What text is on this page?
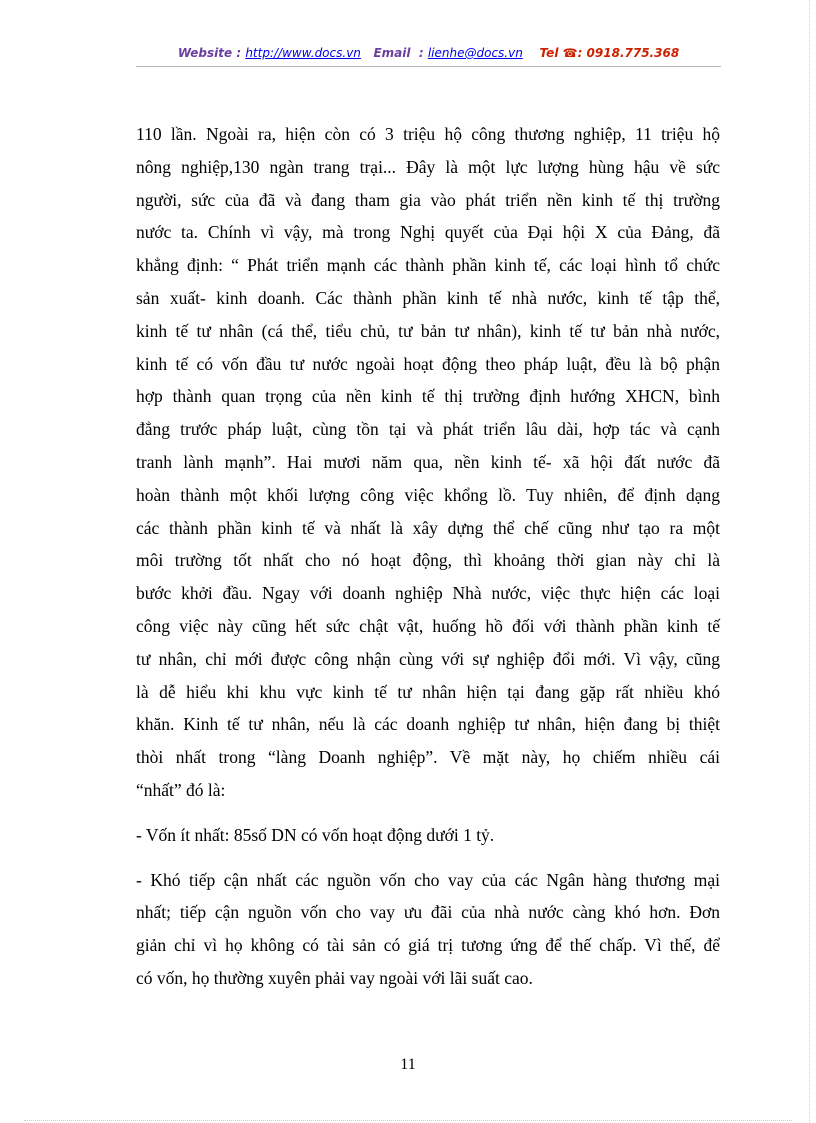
Website : http://www.docs.vn Email : lienhe@docs.vn Tel ☎: 0918.775.368
110 lần. Ngoài ra, hiện còn có 3 triệu hộ công thương nghiệp, 11 triệu hộ
nông nghiệp,130 ngàn trang trại... Đây là một lực lượng hùng hậu về sức
người, sức của đã và đang tham gia vào phát triển nền kinh tế thị trường
nước ta. Chính vì vậy, mà trong Nghị quyết của Đại hội X của Đảng, đã
khẳng định: “ Phát triển mạnh các thành phần kinh tế, các loại hình tổ chức
sản xuất- kinh doanh. Các thành phần kinh tế nhà nước, kinh tế tập thể,
kinh tế tư nhân (cá thể, tiểu chủ, tư bản tư nhân), kinh tế tư bản nhà nước,
kinh tế có vốn đầu tư nước ngoài hoạt động theo pháp luật, đều là bộ phận
hợp thành quan trọng của nền kinh tế thị trường định hướng XHCN, bình
đẳng trước pháp luật, cùng tồn tại và phát triển lâu dài, hợp tác và cạnh
tranh lành mạnh”. Hai mươi năm qua, nền kinh tế- xã hội đất nước đã
hoàn thành một khối lượng công việc khổng lồ. Tuy nhiên, để định dạng
các thành phần kinh tế và nhất là xây dựng thể chế cũng như tạo ra một
môi trường tốt nhất cho nó hoạt động, thì khoảng thời gian này chỉ là
bước khởi đầu. Ngay với doanh nghiệp Nhà nước, việc thực hiện các loại
công việc này cũng hết sức chật vật, huống hồ đối với thành phần kinh tế
tư nhân, chỉ mới được công nhận cùng với sự nghiệp đổi mới. Vì vậy, cũng
là dễ hiểu khi khu vực kinh tế tư nhân hiện tại đang gặp rất nhiều khó
khăn. Kinh tế tư nhân, nếu là các doanh nghiệp tư nhân, hiện đang bị thiệt
thòi nhất trong “làng Doanh nghiệp”. Về mặt này, họ chiếm nhiều cái
“nhất” đó là:
- Vốn ít nhất: 85số DN có vốn hoạt động dưới 1 tỷ.
- Khó tiếp cận nhất các nguồn vốn cho vay của các Ngân hàng thương mại
nhất; tiếp cận nguồn vốn cho vay ưu đãi của nhà nước càng khó hơn. Đơn
giản chỉ vì họ không có tài sản có giá trị tương ứng để thế chấp. Vì thế, để
có vốn, họ thường xuyên phải vay ngoài với lãi suất cao.
11
